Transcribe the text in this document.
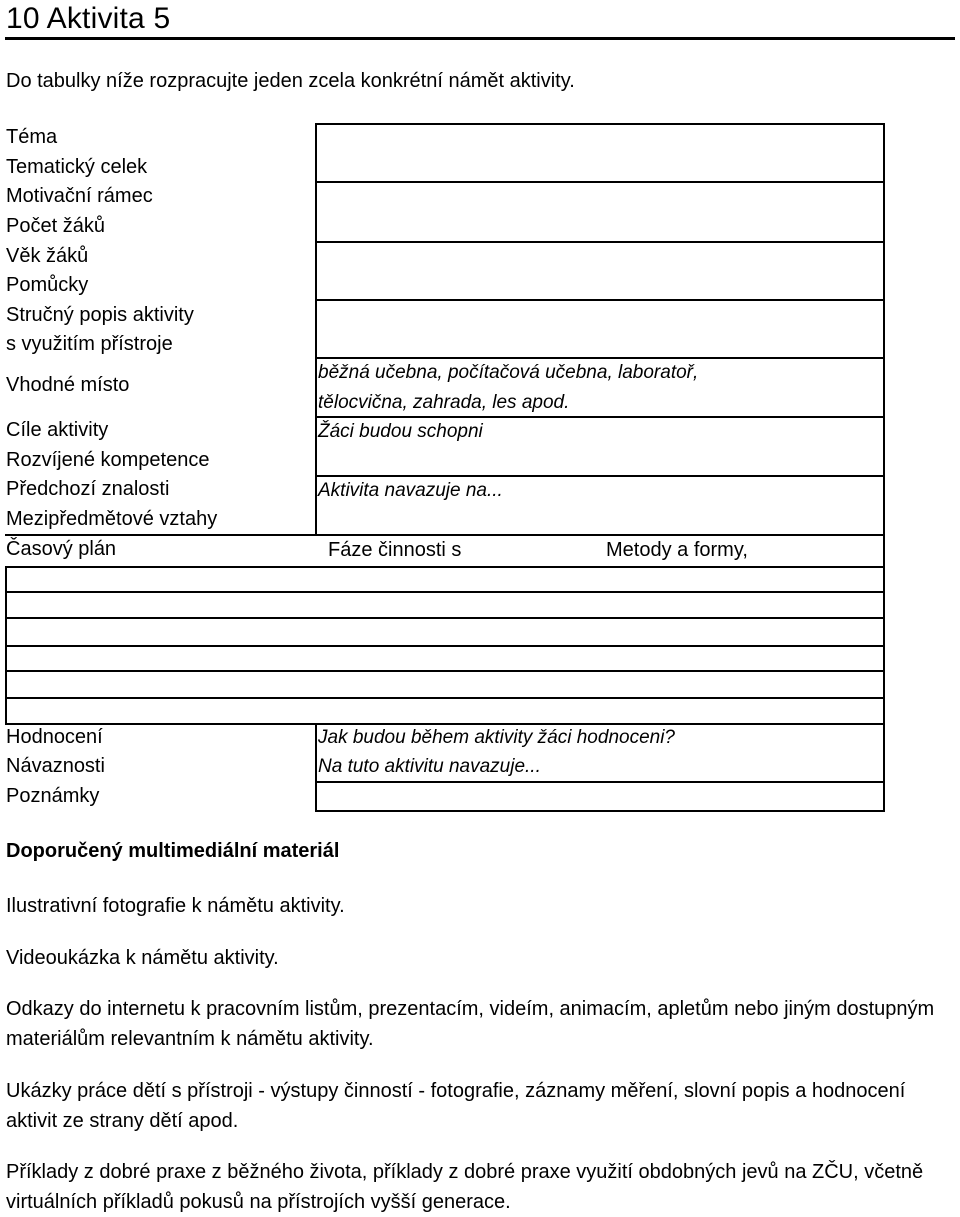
10 Aktivita 5
Do tabulky níže rozpracujte jeden zcela konkrétní námět aktivity.
Téma
Tematický celek
Motivační rámec
Počet žáků
Věk žáků
Pomůcky
Stručný popis aktivity
s využitím přístroje
Vhodné místo
Cíle aktivity
Rozvíjené kompetence
Předchozí znalosti
Mezipředmětové vztahy
Časový plán
Hodnocení
Návaznosti
Poznámky
běžná učebna, počítačová učebna, laboratoř,
tělocvična, zahrada, les apod.
Žáci budou schopni
Aktivita navazuje na...
Jak budou během aktivity žáci hodnoceni?
Na tuto aktivitu navazuje...
Fáze činnosti s	Metody a formy,
Doporučený multimediální materiál
Ilustrativní fotografie k námětu aktivity.
Videoukázka k námětu aktivity.
Odkazy do internetu k pracovním listům, prezentacím, videím, animacím, apletům nebo jiným dostupným materiálům relevantním k námětu aktivity.
Ukázky práce dětí s přístroji - výstupy činností - fotografie, záznamy měření, slovní popis a hodnocení aktivit ze strany dětí apod.
Příklady z dobré praxe z běžného života, příklady z dobré praxe využití obdobných jevů na ZČU, včetně virtuálních příkladů pokusů na přístrojích vyšší generace.
